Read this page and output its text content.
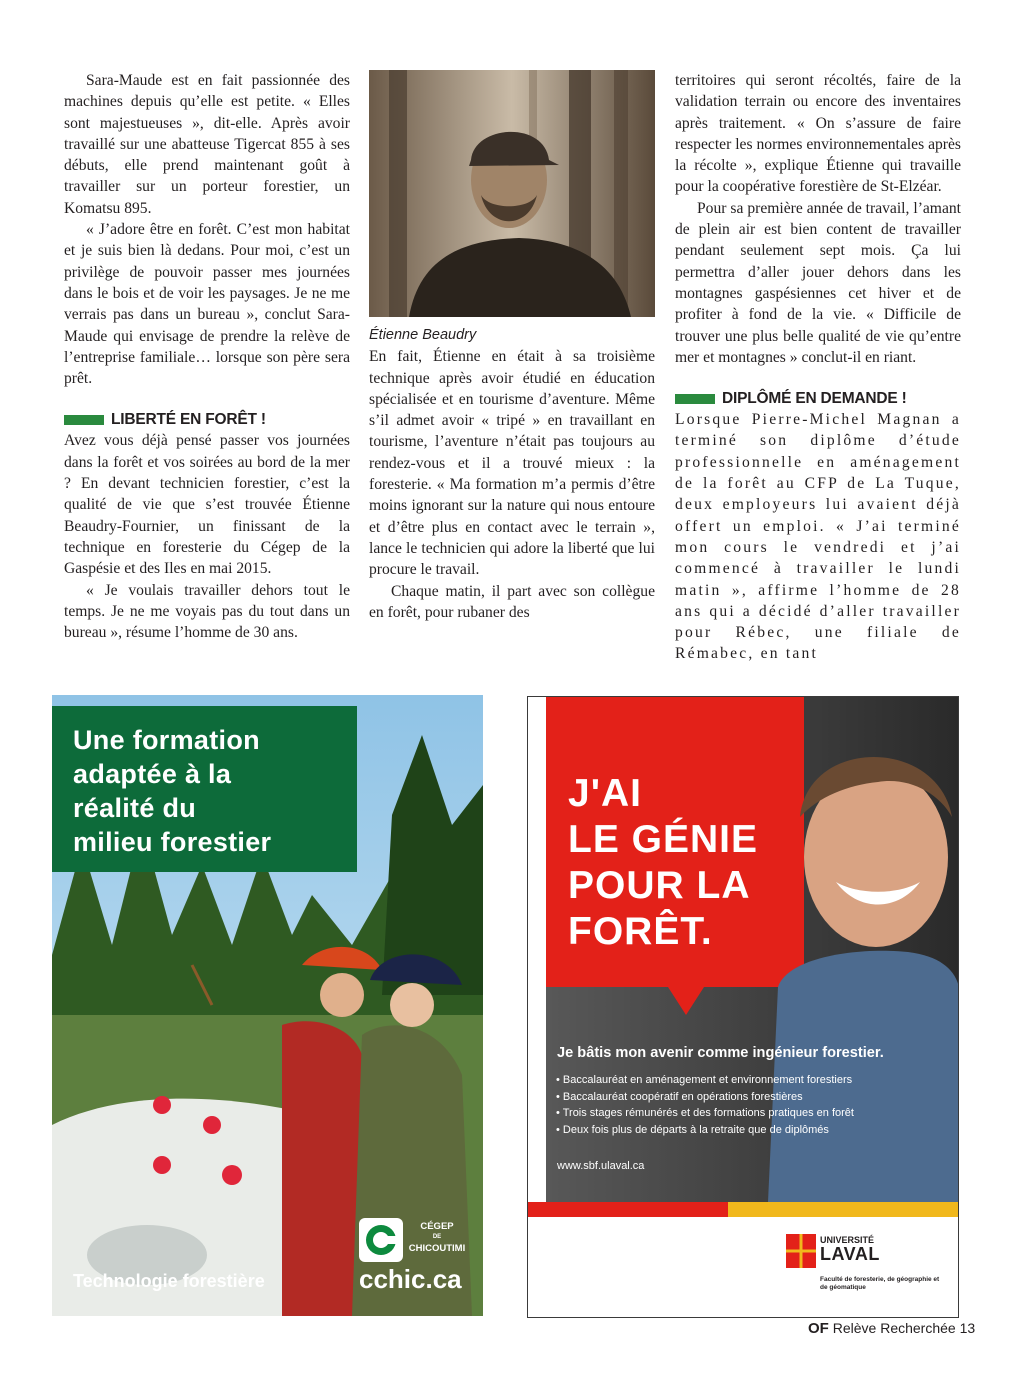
Sara-Maude est en fait passionnée des machines depuis qu’elle est petite. « Elles sont majestueuses », dit-elle. Après avoir travaillé sur une abatteuse Tigercat 855 à ses débuts, elle prend maintenant goût à travailler sur un porteur forestier, un Komatsu 895.

« J’adore être en forêt. C’est mon habitat et je suis bien là dedans. Pour moi, c’est un privilège de pouvoir passer mes journées dans le bois et de voir les paysages. Je ne me verrais pas dans un bureau », conclut Sara-Maude qui envisage de prendre la relève de l’entreprise familiale… lorsque son père sera prêt.

LIBERTÉ EN FORÊT !

Avez vous déjà pensé passer vos journées dans la forêt et vos soirées au bord de la mer ? En devant technicien forestier, c’est la qualité de vie que s’est trouvée Étienne Beaudry-Fournier, un finissant de la technique en foresterie du Cégep de la Gaspésie et des Iles en mai 2015.

« Je voulais travailler dehors tout le temps. Je ne me voyais pas du tout dans un bureau », résume l’homme de 30 ans.

Étienne Beaudry

En fait, Étienne en était à sa troisième technique après avoir étudié en éducation spécialisée et en tourisme d’aventure. Même s’il admet avoir « tripé » en travaillant en tourisme, l’aventure n’était pas toujours au rendez-vous et il a trouvé mieux : la foresterie. « Ma formation m’a permis d’être moins ignorant sur la nature qui nous entoure et d’être plus en contact avec le terrain », lance le technicien qui adore la liberté que lui procure le travail.

Chaque matin, il part avec son collègue en forêt, pour rubaner des

territoires qui seront récoltés, faire de la validation terrain ou encore des inventaires après traitement. « On s’assure de faire respecter les normes environnementales après la récolte », explique Étienne qui travaille pour la coopérative forestière de St-Elzéar.

Pour sa première année de travail, l’amant de plein air est bien content de travailler pendant seulement sept mois. Ça lui permettra d’aller jouer dehors dans les montagnes gaspésiennes cet hiver et de profiter à fond de la vie. « Difficile de trouver une plus belle qualité de vie qu’entre mer et montagnes » conclut-il en riant.

DIPLÔMÉ EN DEMANDE !

Lorsque Pierre-Michel Magnan a terminé son diplôme d’étude professionnelle en aménagement de la forêt au CFP de La Tuque, deux employeurs lui avaient déjà offert un emploi. « J’ai terminé mon cours le vendredi et j’ai commencé à travailler le lundi matin », affirme l’homme de 28 ans qui a décidé d’aller travailler pour Rébec, une filiale de Rémabec, en tant

Une formation
adaptée à la
réalité du
milieu forestier
Technologie forestière
CÉGEP
DE
CHICOUTIMI
cchic.ca
J'AI
LE GÉNIE
POUR LA
FORÊT.
Je bâtis mon avenir comme ingénieur forestier.
• Baccalauréat en aménagement et environnement forestiers
• Baccalauréat coopératif en opérations forestières
• Trois stages rémunérés et des formations pratiques en forêt
• Deux fois plus de départs à la retraite que de diplômés
www.sbf.ulaval.ca
UNIVERSITÉ
LAVAL
Faculté de foresterie, de géographie et de géomatique
OF Relève Recherchée 13
